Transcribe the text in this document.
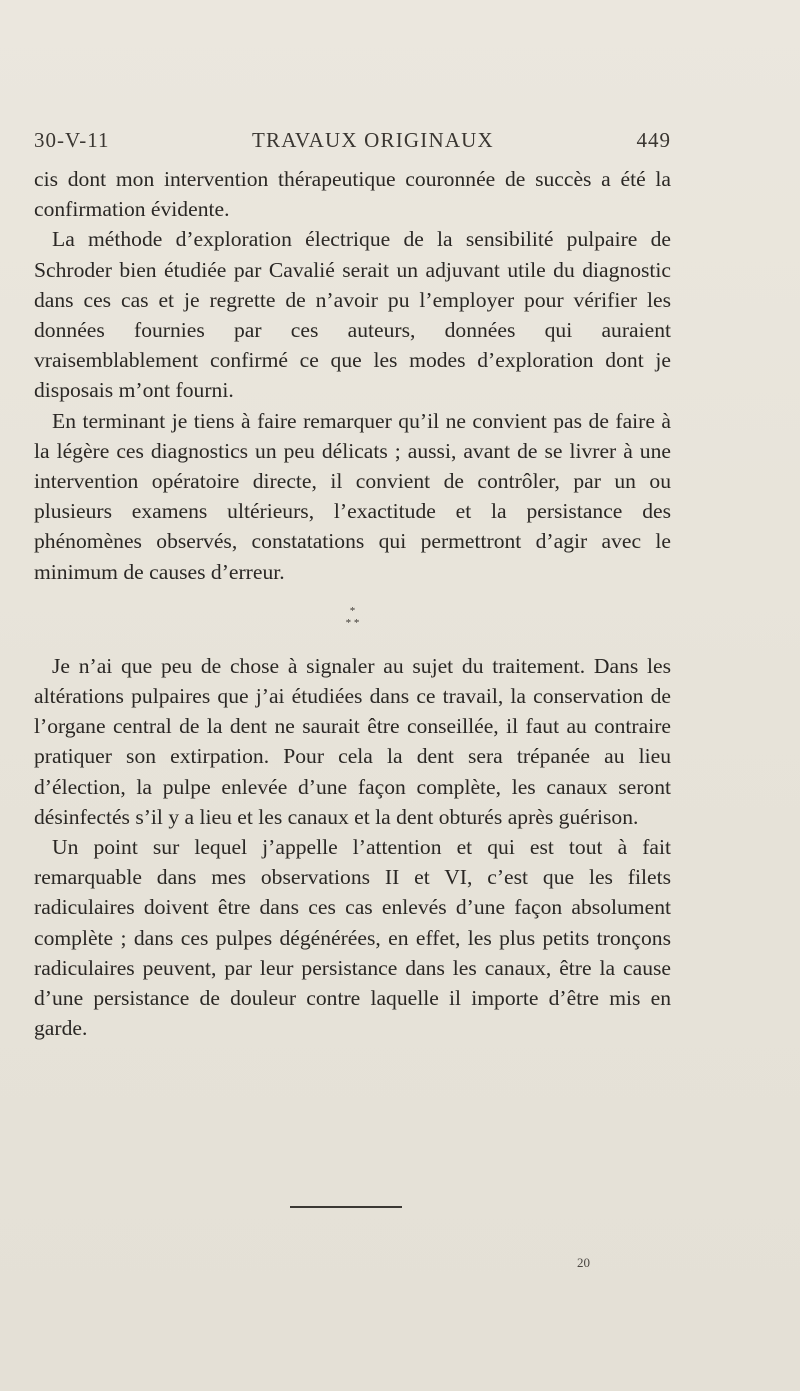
30-V-11	TRAVAUX ORIGINAUX	449

cis dont mon intervention thérapeutique couronnée de succès a été la confirmation évidente.

La méthode d’exploration électrique de la sensibilité pulpaire de Schroder bien étudiée par Cavalié serait un adjuvant utile du diagnostic dans ces cas et je regrette de n’avoir pu l’employer pour vérifier les données fournies par ces auteurs, données qui auraient vraisemblablement confirmé ce que les modes d’exploration dont je disposais m’ont fourni.

En terminant je tiens à faire remarquer qu’il ne convient pas de faire à la légère ces diagnostics un peu délicats ; aussi, avant de se livrer à une intervention opératoire directe, il convient de contrôler, par un ou plusieurs examens ultérieurs, l’exactitude et la persistance des phénomènes observés, constatations qui permettront d’agir avec le minimum de causes d’erreur.

*
* *

Je n’ai que peu de chose à signaler au sujet du traitement. Dans les altérations pulpaires que j’ai étudiées dans ce travail, la conservation de l’organe central de la dent ne saurait être conseillée, il faut au contraire pratiquer son extirpation. Pour cela la dent sera trépanée au lieu d’élection, la pulpe enlevée d’une façon complète, les canaux seront désinfectés s’il y a lieu et les canaux et la dent obturés après guérison.

Un point sur lequel j’appelle l’attention et qui est tout à fait remarquable dans mes observations II et VI, c’est que les filets radiculaires doivent être dans ces cas enlevés d’une façon absolument complète ; dans ces pulpes dégénérées, en effet, les plus petits tronçons radiculaires peuvent, par leur persistance dans les canaux, être la cause d’une persistance de douleur contre laquelle il importe d’être mis en garde.

20
